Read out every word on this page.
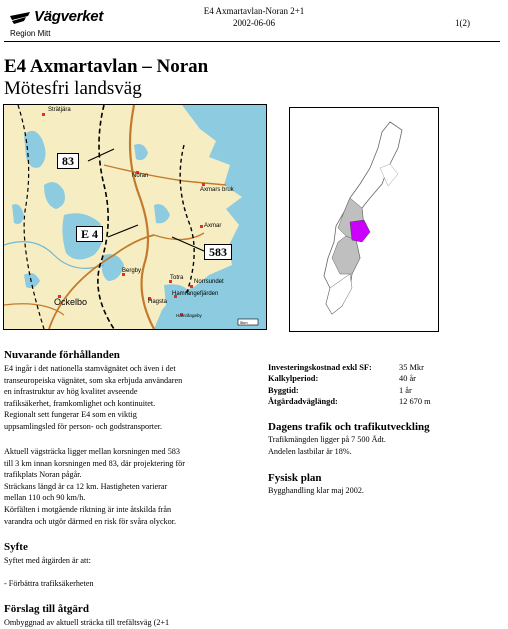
Vägverket
Region Mitt
E4 Axmartavlan-Noran 2+1
2002-06-06	1(2)
E4 Axmartavlan – Noran
Mötesfri landsväg
Strätjära
Noran
Axmars bruk
Axmar
Bergby
Totra
Norrsundet
Hamrångefjärden
Hagsta
Ockelbo
Hamrångeby
5km
83
E 4
583
Nuvarande förhållanden
E4 ingår i det nationella stamvägnätet och även i det
transeuropeiska vägnätet, som ska erbjuda användaren
en infrastruktur av hög kvalitet avseende
trafiksäkerhet, framkomlighet och kontinuitet.
Regionalt sett fungerar E4 som en viktig
uppsamlingsled för person- och godstransporter.
Aktuell vägsträcka ligger mellan korsningen med 583
till 3 km innan korsningen med 83, där projektering för
trafikplats Noran pågår.
Sträckans längd är ca 12 km. Hastigheten varierar
mellan 110 och 90 km/h.
Körfälten i motgående riktning är inte åtskilda från
varandra och utgör därmed en risk för svåra olyckor.
Syfte
Syftet med åtgärden är att:
- Förbättra trafiksäkerheten
Förslag till åtgärd
Ombyggnad av aktuell sträcka till trefältsväg (2+1
Investeringskostnad exkl SF:	35 Mkr
Kalkylperiod:	40 år
Byggtid:	1 år
Åtgärdadväglängd:	12 670 m
Dagens trafik och trafikutveckling
Trafikmängden ligger på 7 500 Ådt.
Andelen lastbilar är 18%.
Fysisk plan
Bygghandling klar maj 2002.
